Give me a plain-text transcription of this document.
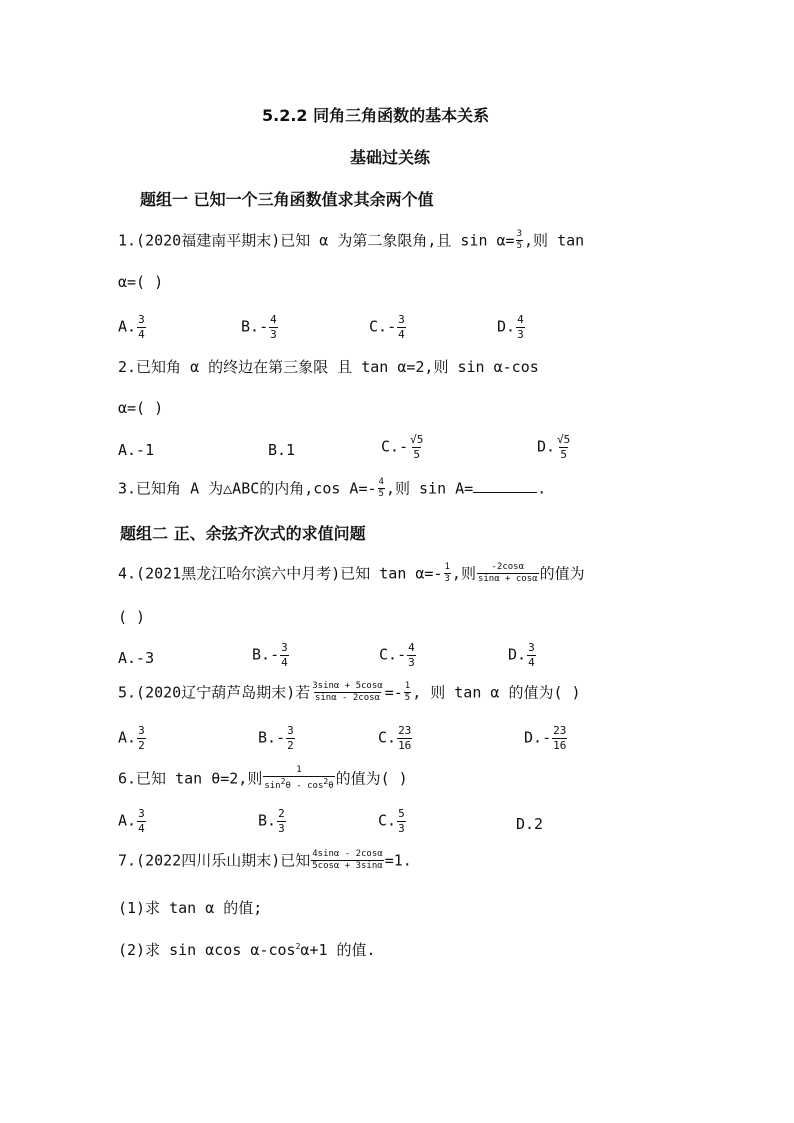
5.2.2 同角三角函数的基本关系
基础过关练
题组一 已知一个三角函数值求其余两个值
1.(2020福建南平期末)已知 α 为第二象限角,且 $\sin \alpha= \frac{3}{5}$ ,则 tan
α=( )
A. $\frac{3}{4}$	$B.- \frac{4}{3}$	$C.- \frac{3}{4}$	D. $\frac{4}{3}$
2.已知角 α 的终边在第三象限 且 tan α=2,则 sin α-cos
α=( )
A.-1	B.1	$C.- \frac{√5}{5}$	D. $\frac{√5}{5}$
3.已知角 A 为△ABC的内角,cos $A=- \frac{4}{5}$ ,则 sin A=	.
题组二 正、余弦齐次式的求值问题
4.(2021黑龙江哈尔滨六中月考)已知 $\tan \alpha=- \frac{1}{3}$ ,则 $\frac{-2\cos\alpha}{\sin\alpha + \cos\alpha}$ 的值为
( )
A.-3	$B.- \frac{3}{4}$	$C.- \frac{4}{3}$	D. $\frac{3}{4}$
5.(2020辽宁葫芦岛期末)若 $\frac{3\sin\alpha + 5\cos\alpha}{\sin\alpha - 2\cos\alpha} =- \frac{1}{5}$ , 则 tan α 的值为( )
A. $\frac{3}{2}$	$B.- \frac{3}{2}$	C. $\frac{23}{16}$	$D.- \frac{23}{16}$
6.已知 tan θ=2,则 $\frac{1}{\sin^2\theta - \cos^2\theta}$ 的值为( )
A. $\frac{3}{4}$	B. $\frac{2}{3}$	C. $\frac{5}{3}$	D.2
7.(2022四川乐山期末)已知 $\frac{4\sin\alpha - 2\cos\alpha}{5\cos\alpha + 3\sin\alpha} =1$.
(1)求 tan α 的值;
(2)求 sin αcos $\alpha-\cos^2\alpha+1$ 的值.
